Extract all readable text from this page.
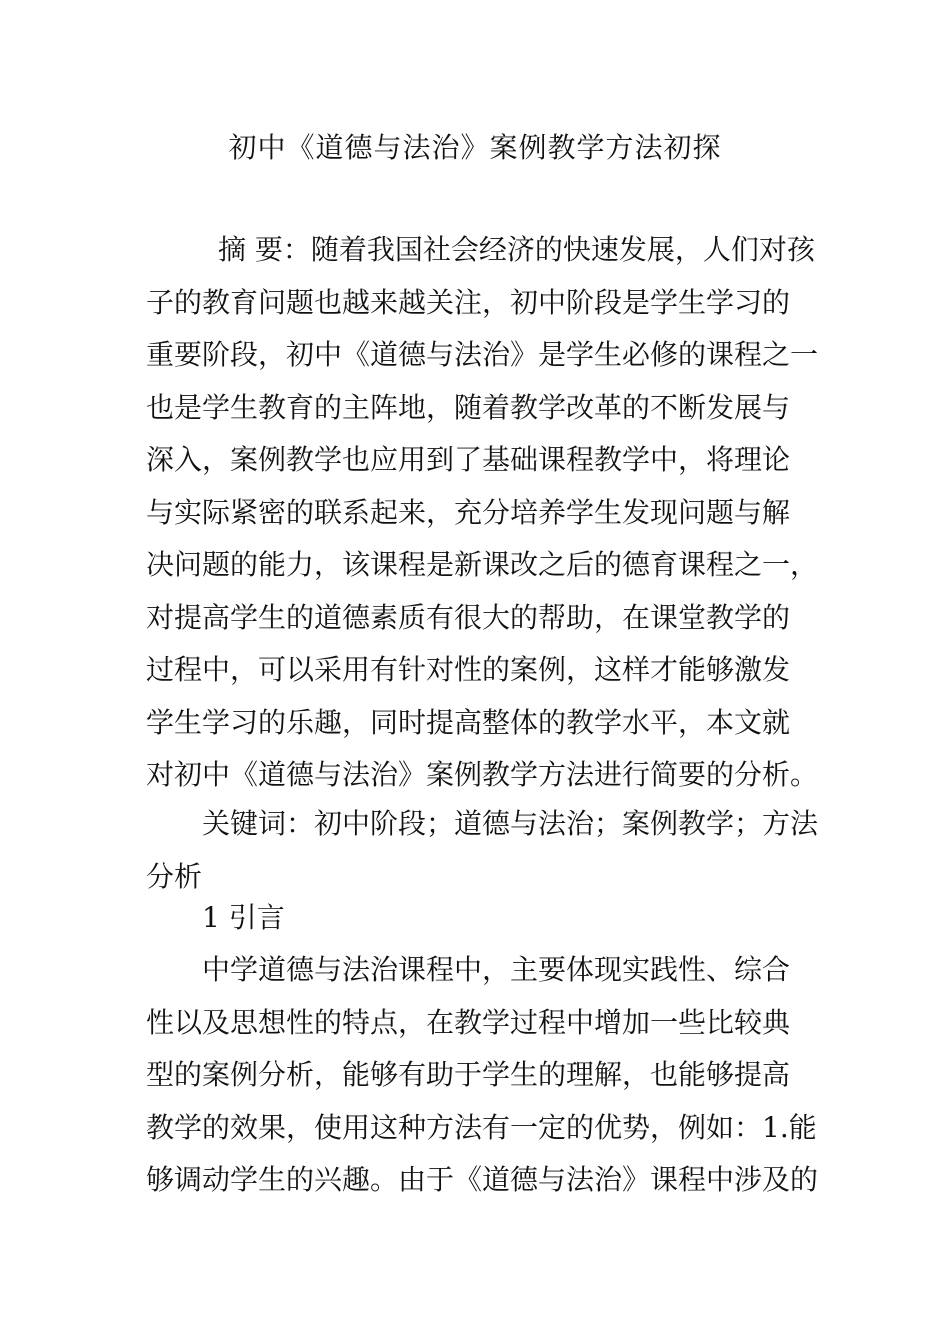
初中《道德与法治》案例教学方法初探
摘 要：随着我国社会经济的快速发展，人们对孩
子的教育问题也越来越关注，初中阶段是学生学习的
重要阶段，初中《道德与法治》是学生必修的课程之一
也是学生教育的主阵地，随着教学改革的不断发展与
深入，案例教学也应用到了基础课程教学中，将理论
与实际紧密的联系起来，充分培养学生发现问题与解
决问题的能力，该课程是新课改之后的德育课程之一，
对提高学生的道德素质有很大的帮助，在课堂教学的
过程中，可以采用有针对性的案例，这样才能够激发
学生学习的乐趣，同时提高整体的教学水平，本文就
对初中《道德与法治》案例教学方法进行简要的分析。
关键词：初中阶段；道德与法治；案例教学；方法
分析
1 引言
中学道德与法治课程中，主要体现实践性、综合
性以及思想性的特点，在教学过程中增加一些比较典
型的案例分析，能够有助于学生的理解，也能够提高
教学的效果，使用这种方法有一定的优势，例如：1.能
够调动学生的兴趣。由于《道德与法治》课程中涉及的
